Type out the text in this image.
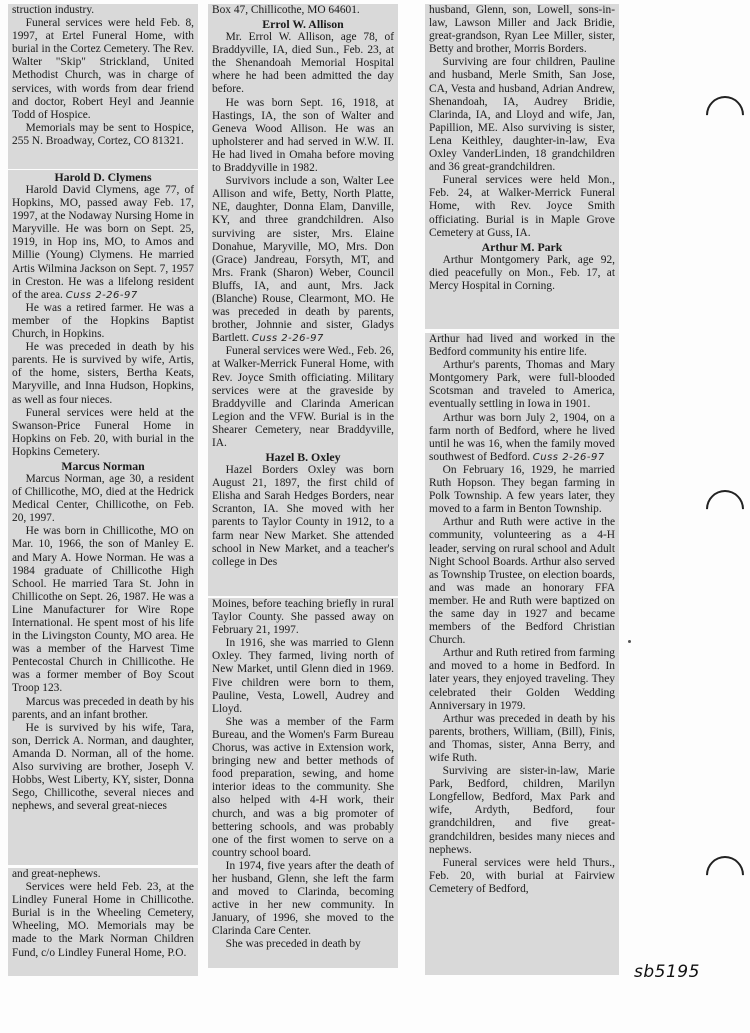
struction industry.

Funeral services were held Feb. 8, 1997, at Ertel Funeral Home, with burial in the Cortez Cemetery. The Rev. Walter "Skip" Strickland, United Methodist Church, was in charge of services, with words from dear friend and doctor, Robert Heyl and Jeannie Todd of Hospice.

Memorials may be sent to Hospice, 255 N. Broadway, Cortez, CO 81321.

Harold D. Clymens

Harold David Clymens, age 77, of Hopkins, MO, passed away Feb. 17, 1997, at the Nodaway Nursing Home in Maryville. He was born on Sept. 25, 1919, in Hop ins, MO, to Amos and Millie (Young) Clymens. He married Artis Wilmina Jackson on Sept. 7, 1957 in Creston. He was a lifelong resident of the area. Cuss 2-26-97

He was a retired farmer. He was a member of the Hopkins Baptist Church, in Hopkins.

He was preceded in death by his parents. He is survived by wife, Artis, of the home, sisters, Bertha Keats, Maryville, and Inna Hudson, Hopkins, as well as four nieces.

Funeral services were held at the Swanson-Price Funeral Home in Hopkins on Feb. 20, with burial in the Hopkins Cemetery.

Marcus Norman

Marcus Norman, age 30, a resident of Chillicothe, MO, died at the Hedrick Medical Center, Chillicothe, on Feb. 20, 1997.

He was born in Chillicothe, MO on Mar. 10, 1966, the son of Manley E. and Mary A. Howe Norman. He was a 1984 graduate of Chillicothe High School. He married Tara St. John in Chillicothe on Sept. 26, 1987. He was a Line Manufacturer for Wire Rope International. He spent most of his life in the Livingston County, MO area. He was a member of the Harvest Time Pentecostal Church in Chillicothe. He was a former member of Boy Scout Troop 123.

Marcus was preceded in death by his parents, and an infant brother.

He is survived by his wife, Tara, son, Derrick A. Norman, and daughter, Amanda D. Norman, all of the home. Also surviving are brother, Joseph V. Hobbs, West Liberty, KY, sister, Donna Sego, Chillicothe, several nieces and nephews, and several great-nieces

and great-nephews.

Services were held Feb. 23, at the Lindley Funeral Home in Chillicothe. Burial is in the Wheeling Cemetery, Wheeling, MO. Memorials may be made to the Mark Norman Children Fund, c/o Lindley Funeral Home, P.O.

Box 47, Chillicothe, MO 64601.

Errol W. Allison

Mr. Errol W. Allison, age 78, of Braddyville, IA, died Sun., Feb. 23, at the Shenandoah Memorial Hospital where he had been admitted the day before.

He was born Sept. 16, 1918, at Hastings, IA, the son of Walter and Geneva Wood Allison. He was an upholsterer and had served in W.W. II. He had lived in Omaha before moving to Braddyville in 1982.

Survivors include a son, Walter Lee Allison and wife, Betty, North Platte, NE, daughter, Donna Elam, Danville, KY, and three grandchildren. Also surviving are sister, Mrs. Elaine Donahue, Maryville, MO, Mrs. Don (Grace) Jandreau, Forsyth, MT, and Mrs. Frank (Sharon) Weber, Council Bluffs, IA, and aunt, Mrs. Jack (Blanche) Rouse, Clearmont, MO. He was preceded in death by parents, brother, Johnnie and sister, Gladys Bartlett. Cuss 2-26-97

Funeral services were Wed., Feb. 26, at Walker-Merrick Funeral Home, with Rev. Joyce Smith officiating. Military services were at the graveside by Braddyville and Clarinda American Legion and the VFW. Burial is in the Shearer Cemetery, near Braddyville, IA.

Hazel B. Oxley

Hazel Borders Oxley was born August 21, 1897, the first child of Elisha and Sarah Hedges Borders, near Scranton, IA. She moved with her parents to Taylor County in 1912, to a farm near New Market. She attended school in New Market, and a teacher's college in Des

Moines, before teaching briefly in rural Taylor County. She passed away on February 21, 1997.

In 1916, she was married to Glenn Oxley. They farmed, living north of New Market, until Glenn died in 1969. Five children were born to them, Pauline, Vesta, Lowell, Audrey and Lloyd.

She was a member of the Farm Bureau, and the Women's Farm Bureau Chorus, was active in Extension work, bringing new and better methods of food preparation, sewing, and home interior ideas to the community. She also helped with 4-H work, their church, and was a big promoter of bettering schools, and was probably one of the first women to serve on a country school board.

In 1974, five years after the death of her husband, Glenn, she left the farm and moved to Clarinda, becoming active in her new community. In January, of 1996, she moved to the Clarinda Care Center.

She was preceded in death by

husband, Glenn, son, Lowell, sons-in-law, Lawson Miller and Jack Bridie, great-grandson, Ryan Lee Miller, sister, Betty and brother, Morris Borders.

Surviving are four children, Pauline and husband, Merle Smith, San Jose, CA, Vesta and husband, Adrian Andrew, Shenandoah, IA, Audrey Bridie, Clarinda, IA, and Lloyd and wife, Jan, Papillion, ME. Also surviving is sister, Lena Keithley, daughter-in-law, Eva Oxley VanderLinden, 18 grandchildren and 36 great-grandchildren.

Funeral services were held Mon., Feb. 24, at Walker-Merrick Funeral Home, with Rev. Joyce Smith officiating. Burial is in Maple Grove Cemetery at Guss, IA.

Arthur M. Park

Arthur Montgomery Park, age 92, died peacefully on Mon., Feb. 17, at Mercy Hospital in Corning.

Arthur had lived and worked in the Bedford community his entire life.

Arthur's parents, Thomas and Mary Montgomery Park, were full-blooded Scotsman and traveled to America, eventually settling in Iowa in 1901.

Arthur was born July 2, 1904, on a farm north of Bedford, where he lived until he was 16, when the family moved southwest of Bedford. Cuss 2-26-97

On February 16, 1929, he married Ruth Hopson. They began farming in Polk Township. A few years later, they moved to a farm in Benton Township.

Arthur and Ruth were active in the community, volunteering as a 4-H leader, serving on rural school and Adult Night School Boards. Arthur also served as Township Trustee, on election boards, and was made an honorary FFA member. He and Ruth were baptized on the same day in 1927 and became members of the Bedford Christian Church.

Arthur and Ruth retired from farming and moved to a home in Bedford. In later years, they enjoyed traveling. They celebrated their Golden Wedding Anniversary in 1979.

Arthur was preceded in death by his parents, brothers, William, (Bill), Finis, and Thomas, sister, Anna Berry, and wife Ruth.

Surviving are sister-in-law, Marie Park, Bedford, children, Marilyn Longfellow, Bedford, Max Park and wife, Ardyth, Bedford, four grandchildren, and five great-grandchildren, besides many nieces and nephews.

Funeral services were held Thurs., Feb. 20, with burial at Fairview Cemetery of Bedford,

sb5195
